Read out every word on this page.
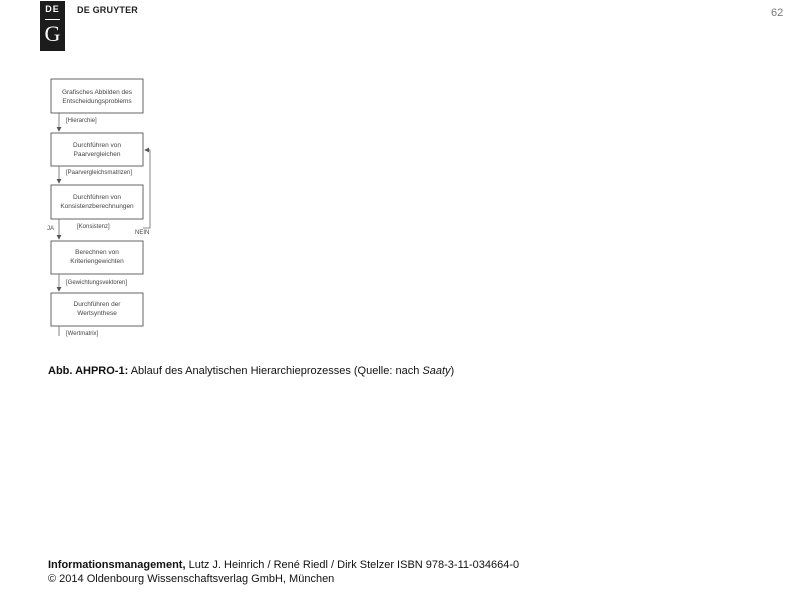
DE
G
DE GRUYTER	62
Grafisches Abbilden des
Entscheidungsproblems
Durchführen von
Paarvergleichen
Durchführen von
Konsistenzberechnungen
Berechnen von
Kriteriengewichten
Durchführen der
Wertsynthese
[Hierarchie]
[Paarvergleichsmatrizen]
[Konsistenz]
[Gewichtungsvektoren]
[Wertmatrix]
JA
NEIN
Abb. AHPRO-1: Ablauf des Analytischen Hierarchieprozesses (Quelle: nach Saaty)
Informationsmanagement, Lutz J. Heinrich / René Riedl / Dirk Stelzer ISBN 978-3-11-034664-0
© 2014 Oldenbourg Wissenschaftsverlag GmbH, München
